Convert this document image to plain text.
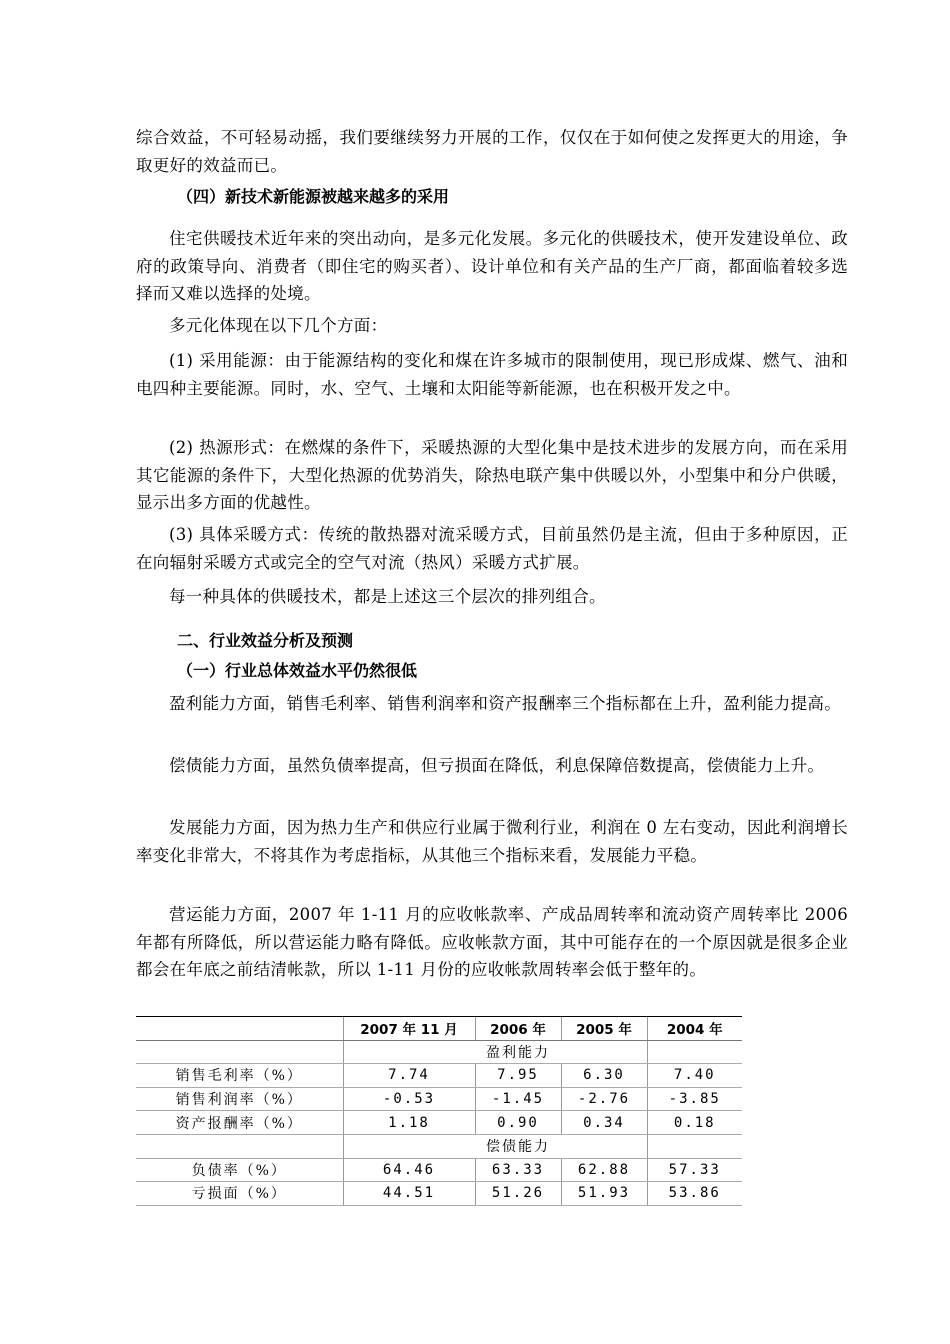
综合效益，不可轻易动摇，我们要继续努力开展的工作，仅仅在于如何使之发挥更大的用途，争取更好的效益而已。

（四）新技术新能源被越来越多的采用

住宅供暖技术近年来的突出动向，是多元化发展。多元化的供暖技术，使开发建设单位、政府的政策导向、消费者（即住宅的购买者）、设计单位和有关产品的生产厂商，都面临着较多选择而又难以选择的处境。

多元化体现在以下几个方面：

(1) 采用能源：由于能源结构的变化和煤在许多城市的限制使用，现已形成煤、燃气、油和电四种主要能源。同时，水、空气、土壤和太阳能等新能源，也在积极开发之中。

(2) 热源形式：在燃煤的条件下，采暖热源的大型化集中是技术进步的发展方向，而在采用其它能源的条件下，大型化热源的优势消失，除热电联产集中供暖以外，小型集中和分户供暖，显示出多方面的优越性。

(3) 具体采暖方式：传统的散热器对流采暖方式，目前虽然仍是主流，但由于多种原因，正在向辐射采暖方式或完全的空气对流（热风）采暖方式扩展。

每一种具体的供暖技术，都是上述这三个层次的排列组合。

二、行业效益分析及预测

（一）行业总体效益水平仍然很低

盈利能力方面，销售毛利率、销售利润率和资产报酬率三个指标都在上升，盈利能力提高。

偿债能力方面，虽然负债率提高，但亏损面在降低，利息保障倍数提高，偿债能力上升。

发展能力方面，因为热力生产和供应行业属于微利行业，利润在 0 左右变动，因此利润增长率变化非常大，不将其作为考虑指标，从其他三个指标来看，发展能力平稳。

营运能力方面，2007 年 1-11 月的应收帐款率、产成品周转率和流动资产周转率比 2006 年都有所降低，所以营运能力略有降低。应收帐款方面，其中可能存在的一个原因就是很多企业都会在年底之前结清帐款，所以 1-11 月份的应收帐款周转率会低于整年的。

	2007 年 11 月	2006 年	2005 年	2004 年
		盈利能力		
销售毛利率（%）	7.74	7.95	6.30	7.40
销售利润率（%）	-0.53	-1.45	-2.76	-3.85
资产报酬率（%）	1.18	0.90	0.34	0.18
		偿债能力		
负债率（%）	64.46	63.33	62.88	57.33
亏损面（%）	44.51	51.26	51.93	53.86
